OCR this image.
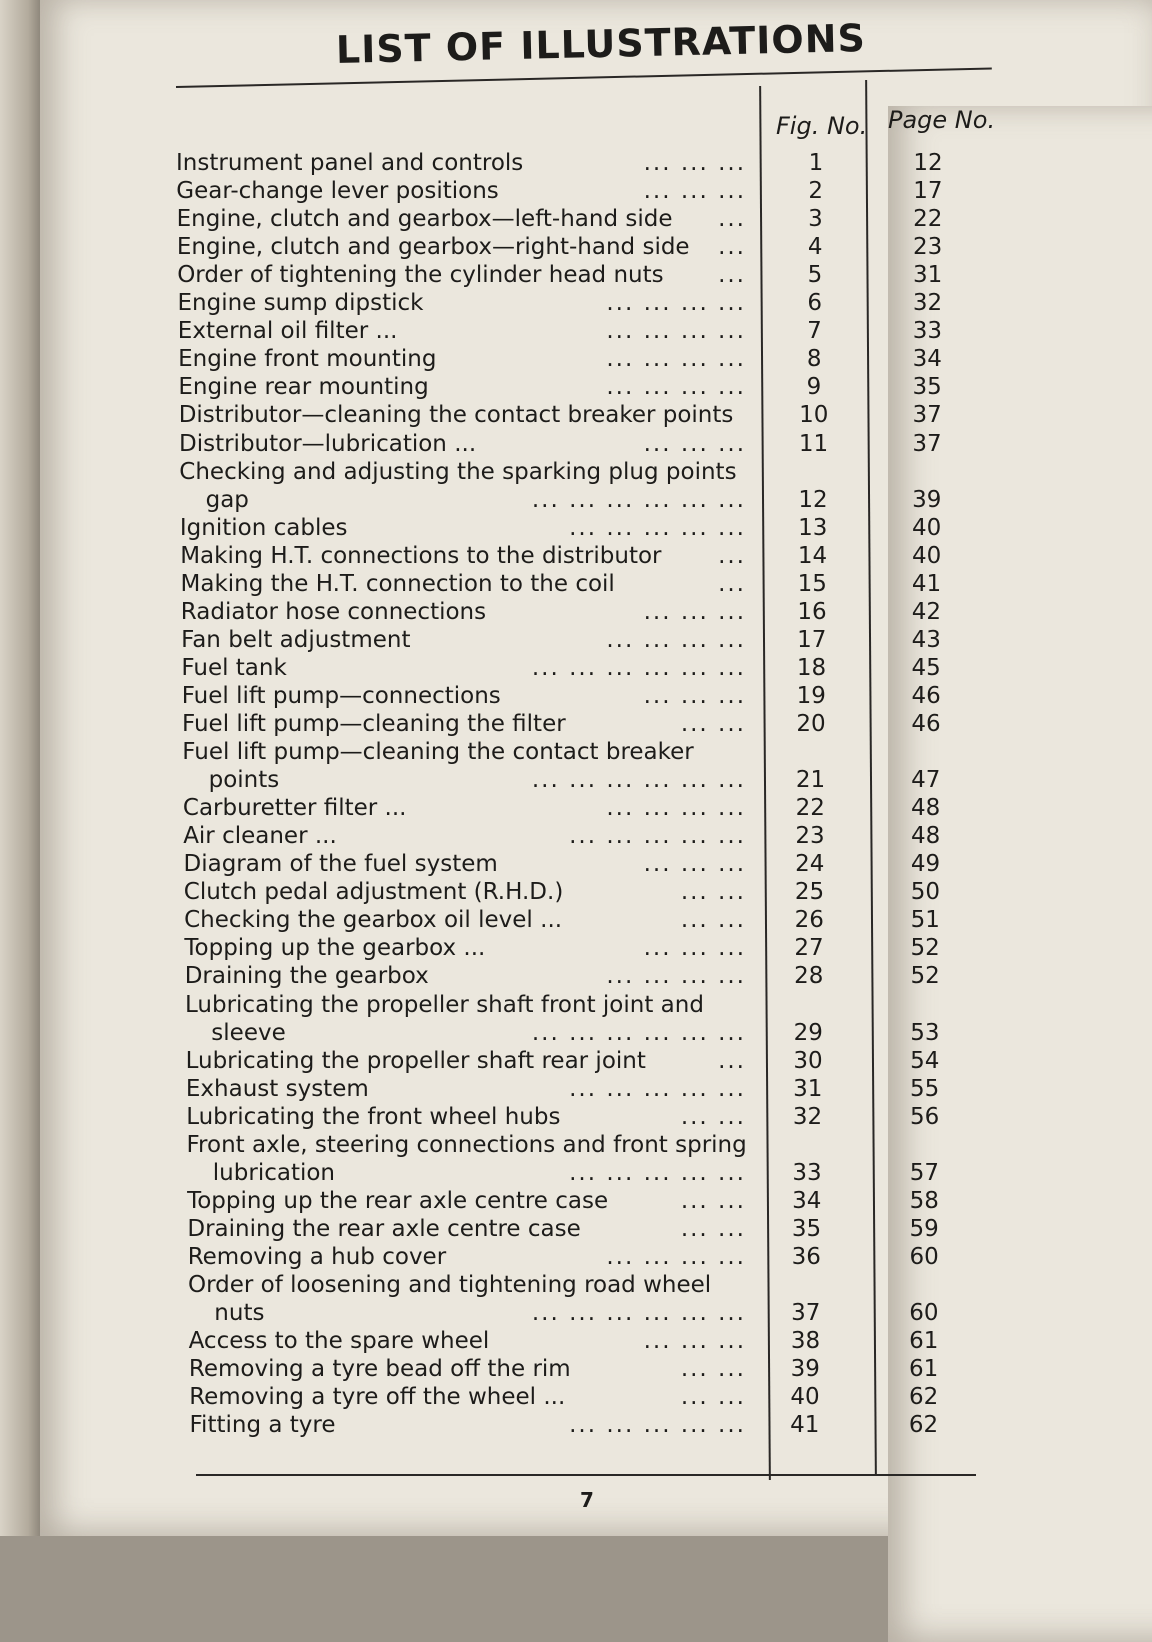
LIST OF ILLUSTRATIONS
Fig. No. Page No.
Instrument panel and controls	... ... ...	1	12
Gear-change lever positions	... ... ...	2	17
Engine, clutch and gearbox—left-hand side ...	3	22
Engine, clutch and gearbox—right-hand side ...	4	23
Order of tightening the cylinder head nuts ...	5	31
Engine sump dipstick	... ... ... ...	6	32
External oil filter ...	... ... ... ...	7	33
Engine front mounting	... ... ... ...	8	34
Engine rear mounting	... ... ... ...	9	35
Distributor—cleaning the contact breaker points	10	37
Distributor—lubrication ...	... ... ...	11	37
Checking and adjusting the sparking plug points
gap	... ... ... ... ... ...	12	39
Ignition cables	... ... ... ... ...	13	40
Making H.T. connections to the distributor ...	14	40
Making the H.T. connection to the coil	...	15	41
Radiator hose connections	... ... ...	16	42
Fan belt adjustment	... ... ... ...	17	43
Fuel tank	... ... ... ... ... ...	18	45
Fuel lift pump—connections	... ... ...	19	46
Fuel lift pump—cleaning the filter	... ...	20	46
Fuel lift pump—cleaning the contact breaker
points	... ... ... ... ... ...	21	47
Carburetter filter ...	... ... ... ...	22	48
Air cleaner ...	... ... ... ... ...	23	48
Diagram of the fuel system	... ... ...	24	49
Clutch pedal adjustment (R.H.D.)	... ...	25	50
Checking the gearbox oil level ...	... ...	26	51
Topping up the gearbox ...	... ... ...	27	52
Draining the gearbox	... ... ... ...	28	52
Lubricating the propeller shaft front joint and
sleeve	... ... ... ... ... ...	29	53
Lubricating the propeller shaft rear joint	...	30	54
Exhaust system	... ... ... ... ...	31	55
Lubricating the front wheel hubs	... ...	32	56
Front axle, steering connections and front spring
lubrication	... ... ... ... ...	33	57
Topping up the rear axle centre case	... ...	34	58
Draining the rear axle centre case	... ...	35	59
Removing a hub cover	... ... ... ...	36	60
Order of loosening and tightening road wheel
nuts	... ... ... ... ... ...	37	60
Access to the spare wheel	... ... ...	38	61
Removing a tyre bead off the rim	... ...	39	61
Removing a tyre off the wheel ...	... ...	40	62
Fitting a tyre	... ... ... ... ...	41	62
7
